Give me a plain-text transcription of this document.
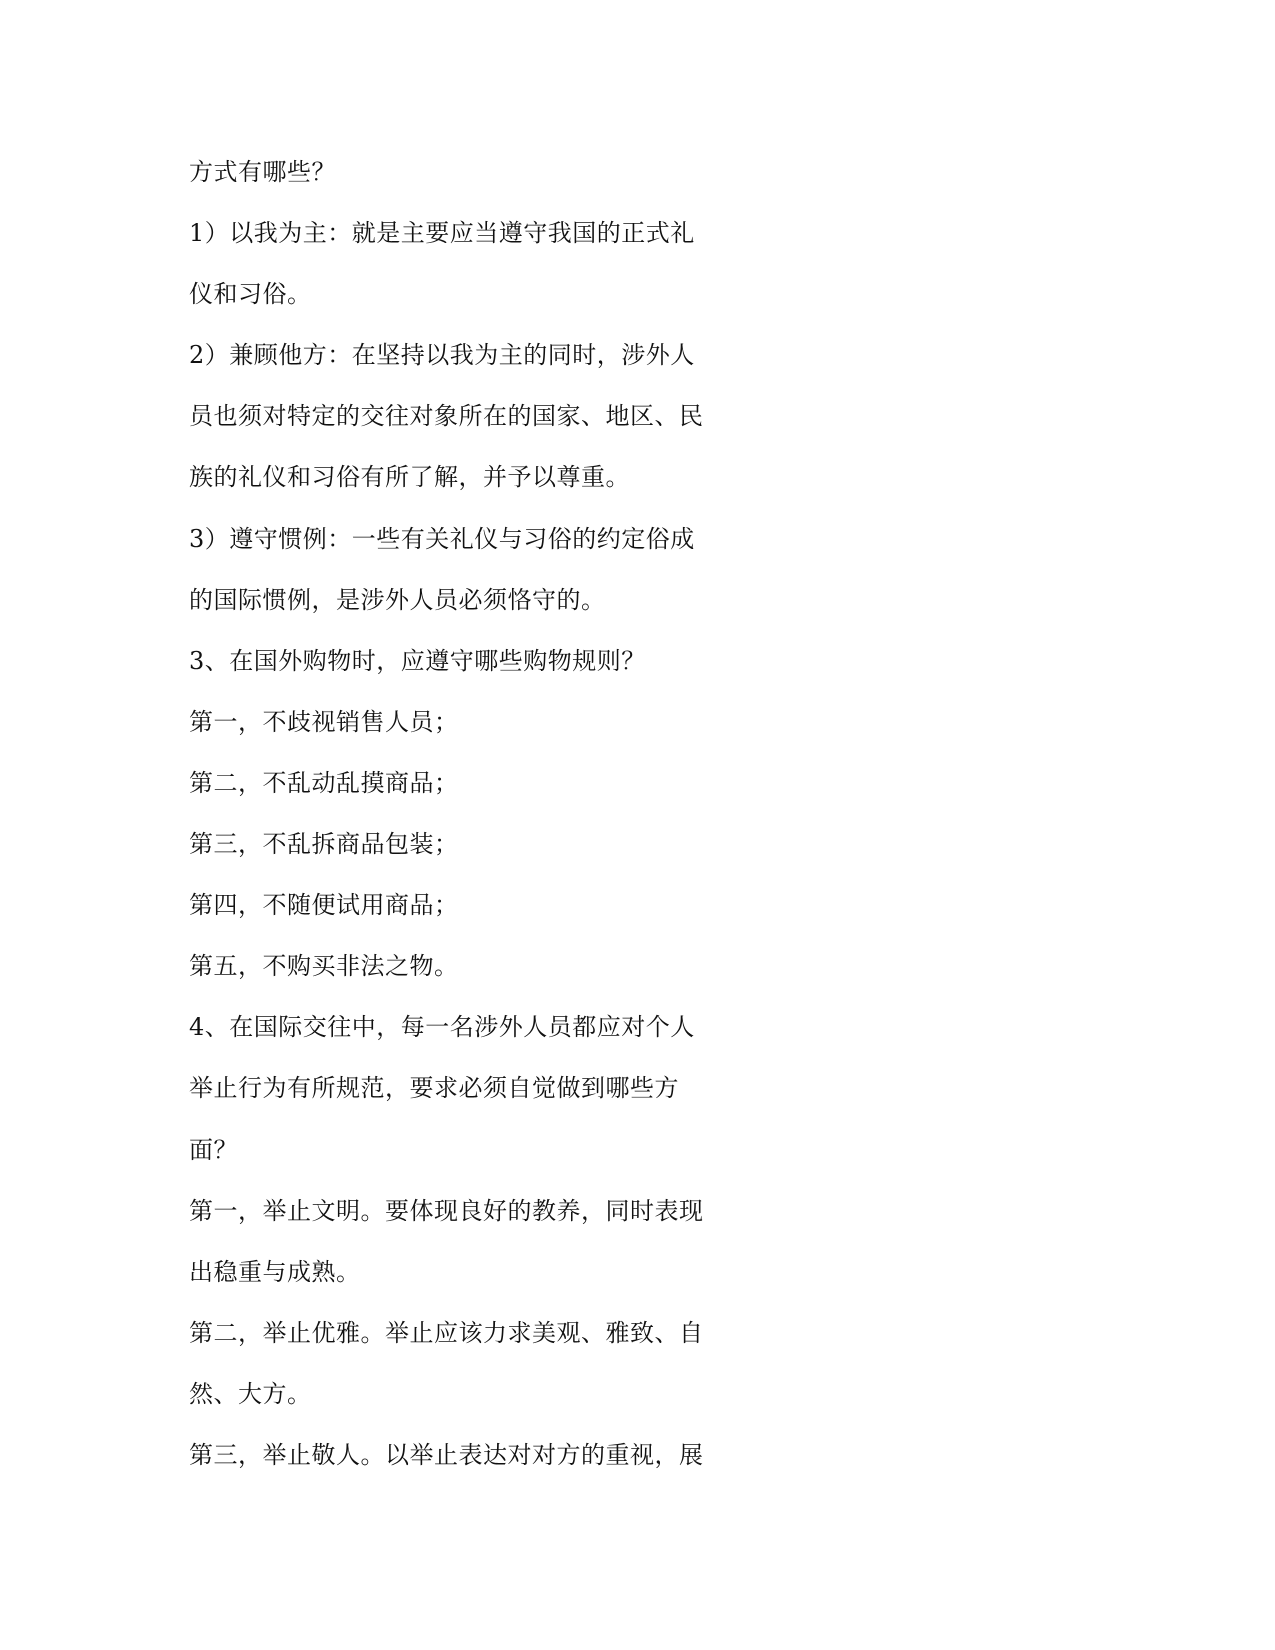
方式有哪些？
1）以我为主：就是主要应当遵守我国的正式礼
仪和习俗。
2）兼顾他方：在坚持以我为主的同时，涉外人
员也须对特定的交往对象所在的国家、地区、民
族的礼仪和习俗有所了解，并予以尊重。
3）遵守惯例：一些有关礼仪与习俗的约定俗成
的国际惯例，是涉外人员必须恪守的。
3、在国外购物时，应遵守哪些购物规则？
第一，不歧视销售人员；
第二，不乱动乱摸商品；
第三，不乱拆商品包装；
第四，不随便试用商品；
第五，不购买非法之物。
4、在国际交往中，每一名涉外人员都应对个人
举止行为有所规范，要求必须自觉做到哪些方
面？
第一，举止文明。要体现良好的教养，同时表现
出稳重与成熟。
第二，举止优雅。举止应该力求美观、雅致、自
然、大方。
第三，举止敬人。以举止表达对对方的重视，展
